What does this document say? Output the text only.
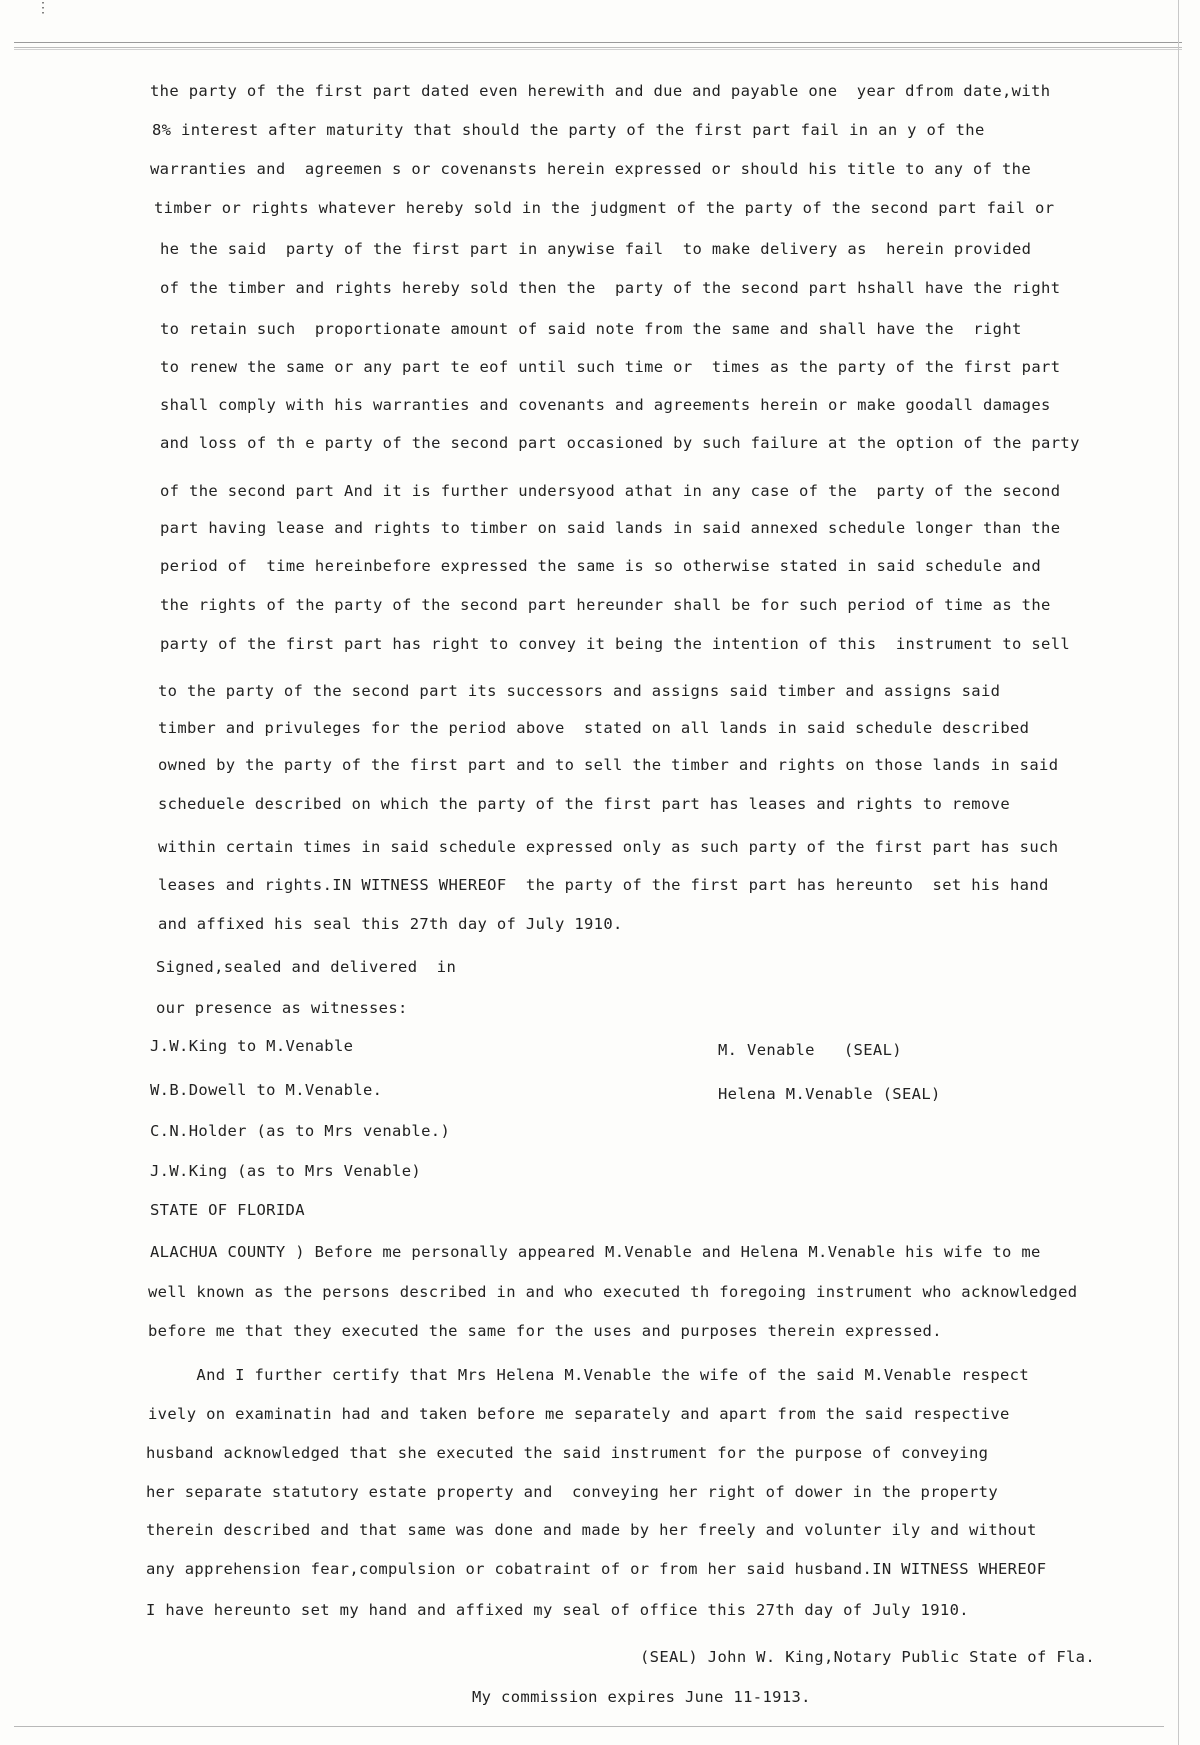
⋮
the party of the first part dated even herewith and due and payable one  year dfrom date,with
8% interest after maturity that should the party of the first part fail in an y of the
warranties and  agreemen s or covenansts herein expressed or should his title to any of the
timber or rights whatever hereby sold in the judgment of the party of the second part fail or
he the said  party of the first part in anywise fail  to make delivery as  herein provided
of the timber and rights hereby sold then the  party of the second part hshall have the right
to retain such  proportionate amount of said note from the same and shall have the  right
to renew the same or any part te eof until such time or  times as the party of the first part
shall comply with his warranties and covenants and agreements herein or make goodall damages
and loss of th e party of the second part occasioned by such failure at the option of the party
of the second part And it is further undersyood athat in any case of the  party of the second
part having lease and rights to timber on said lands in said annexed schedule longer than the
period of  time hereinbefore expressed the same is so otherwise stated in said schedule and
the rights of the party of the second part hereunder shall be for such period of time as the
party of the first part has right to convey it being the intention of this  instrument to sell
to the party of the second part its successors and assigns said timber and assigns said
timber and privuleges for the period above  stated on all lands in said schedule described
owned by the party of the first part and to sell the timber and rights on those lands in said
scheduele described on which the party of the first part has leases and rights to remove
within certain times in said schedule expressed only as such party of the first part has such
leases and rights.IN WITNESS WHEREOF  the party of the first part has hereunto  set his hand
and affixed his seal this 27th day of July 1910.
Signed,sealed and delivered  in
our presence as witnesses:
J.W.King to M.Venable	M. Venable   (SEAL)
W.B.Dowell to M.Venable.	Helena M.Venable (SEAL)
C.N.Holder (as to Mrs venable.)
J.W.King (as to Mrs Venable)
STATE OF FLORIDA
ALACHUA COUNTY ) Before me personally appeared M.Venable and Helena M.Venable his wife to me
well known as the persons described in and who executed th foregoing instrument who acknowledged
before me that they executed the same for the uses and purposes therein expressed.
And I further certify that Mrs Helena M.Venable the wife of the said M.Venable respect
ively on examinatin had and taken before me separately and apart from the said respective
husband acknowledged that she executed the said instrument for the purpose of conveying
her separate statutory estate property and  conveying her right of dower in the property
therein described and that same was done and made by her freely and volunter ily and without
any apprehension fear,compulsion or cobatraint of or from her said husband.IN WITNESS WHEREOF
I have hereunto set my hand and affixed my seal of office this 27th day of July 1910.
(SEAL) John W. King,Notary Public State of Fla.
My commission expires June 11-1913.
